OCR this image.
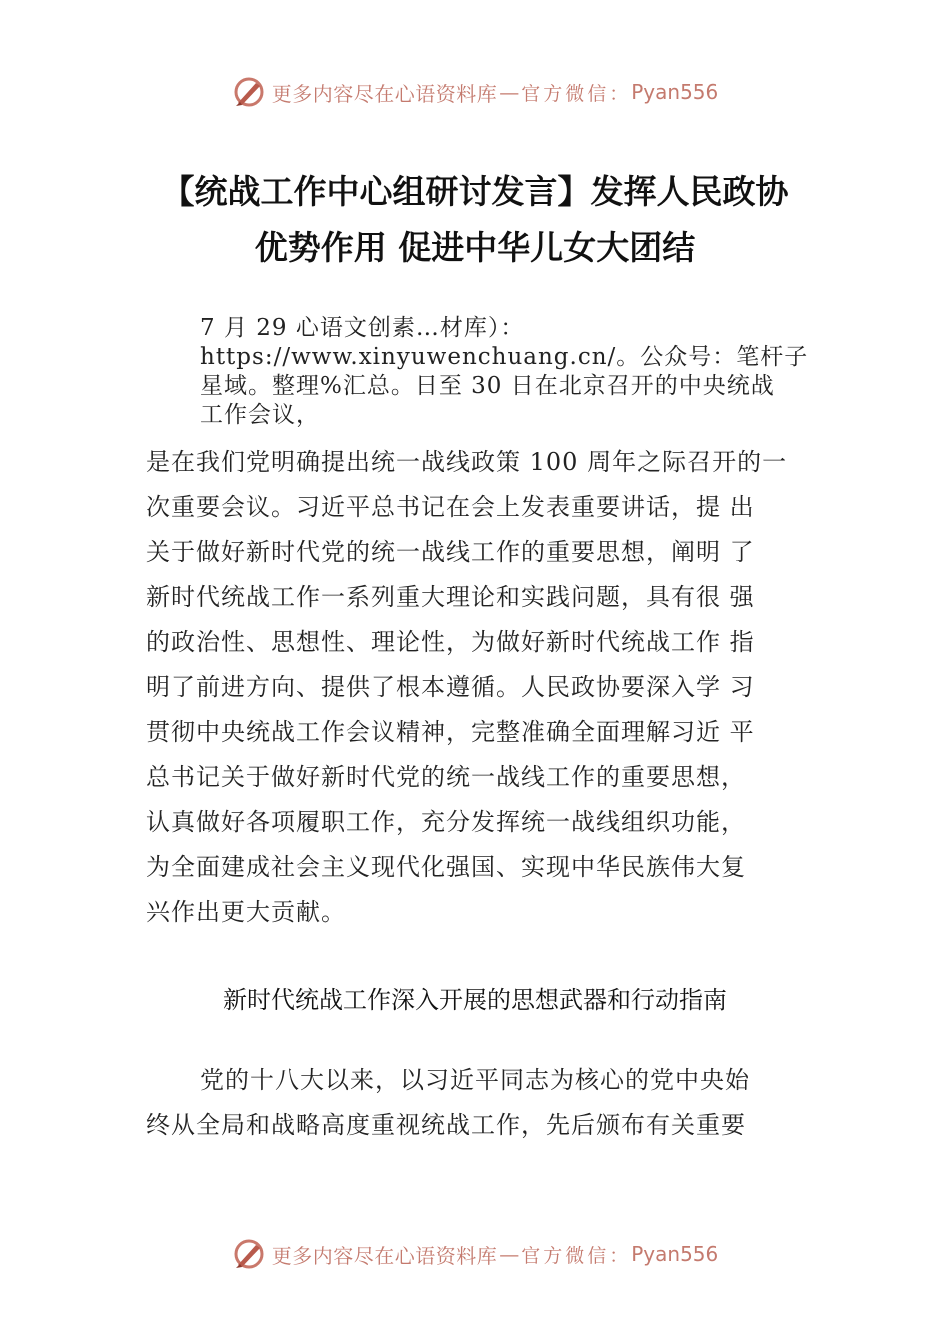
更多内容尽在心语资料库 — 官方微信： Pyan556
【统战工作中心组研讨发言】发挥人民政协
优势作用 促进中华儿女大团结
7 月 29 心语文创素…材库）：
https://www.xinyuwenchuang.cn/。公众号：笔杆子
星域。整理%汇总。日至 30 日在北京召开的中央统战
工作会议，
是在我们党明确提出统一战线政策 100 周年之际召开的一
次重要会议。习近平总书记在会上发表重要讲话，提 出
关于做好新时代党的统一战线工作的重要思想，阐明 了
新时代统战工作一系列重大理论和实践问题，具有很 强
的政治性、思想性、理论性，为做好新时代统战工作 指
明了前进方向、提供了根本遵循。人民政协要深入学 习
贯彻中央统战工作会议精神，完整准确全面理解习近 平
总书记关于做好新时代党的统一战线工作的重要思想，
认真做好各项履职工作，充分发挥统一战线组织功能，
为全面建成社会主义现代化强国、实现中华民族伟大复
兴作出更大贡献。
新时代统战工作深入开展的思想武器和行动指南
党的十八大以来，以习近平同志为核心的党中央始
终从全局和战略高度重视统战工作，先后颁布有关重要
更多内容尽在心语资料库 — 官方微信： Pyan556
